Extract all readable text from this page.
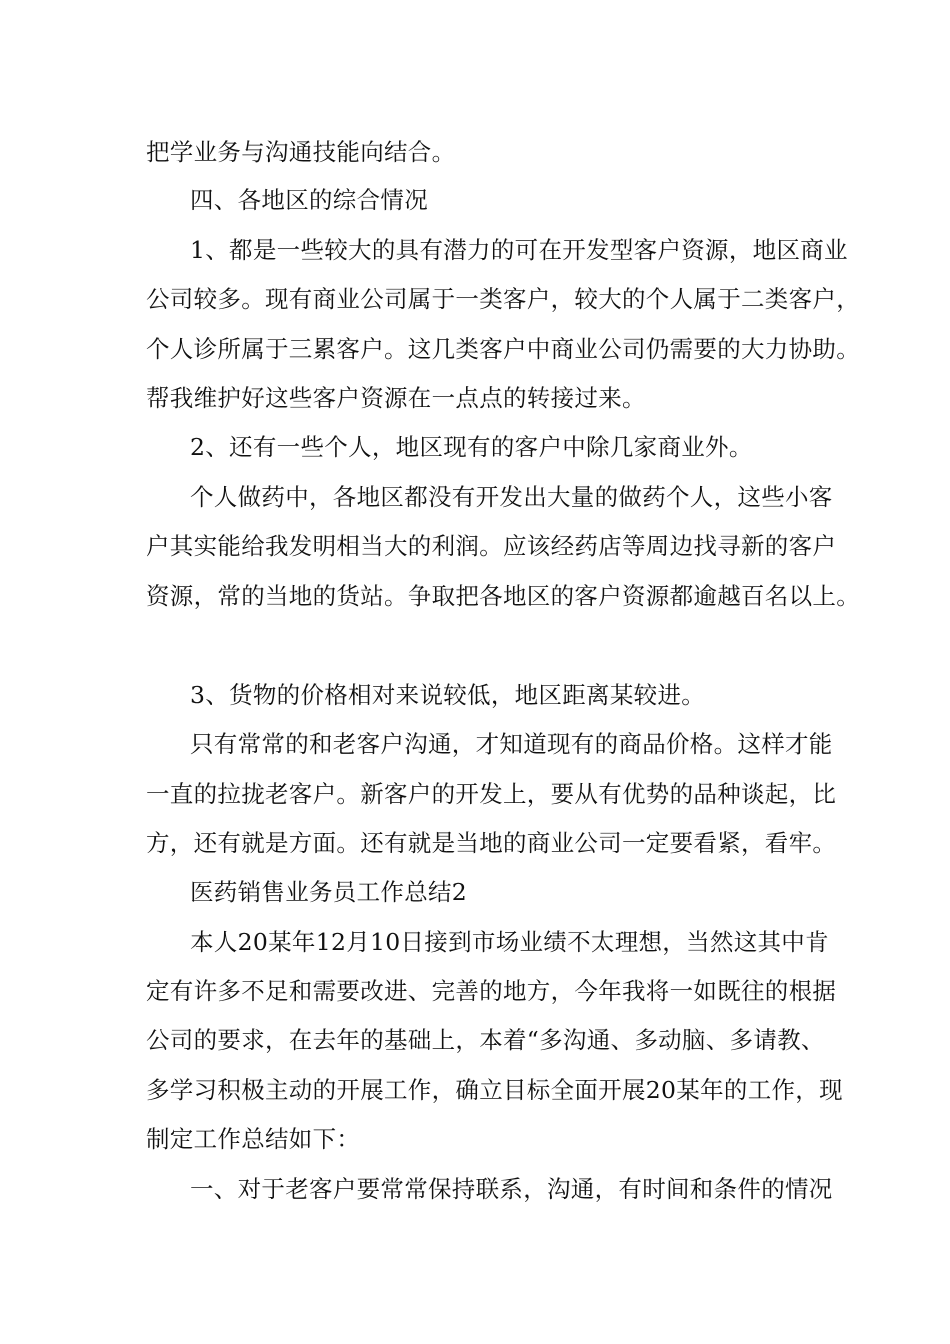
把学业务与沟通技能向结合。
四、各地区的综合情况
1、都是一些较大的具有潜力的可在开发型客户资源，地区商业
公司较多。现有商业公司属于一类客户，较大的个人属于二类客户，
个人诊所属于三累客户。这几类客户中商业公司仍需要的大力协助。
帮我维护好这些客户资源在一点点的转接过来。
2、还有一些个人，地区现有的客户中除几家商业外。
个人做药中，各地区都没有开发出大量的做药个人，这些小客
户其实能给我发明相当大的利润。应该经药店等周边找寻新的客户
资源，常的当地的货站。争取把各地区的客户资源都逾越百名以上。
3、货物的价格相对来说较低，地区距离某较进。
只有常常的和老客户沟通，才知道现有的商品价格。这样才能
一直的拉拢老客户。新客户的开发上，要从有优势的品种谈起，比
方，还有就是方面。还有就是当地的商业公司一定要看紧，看牢。
医药销售业务员工作总结2
本人20某年12月10日接到市场业绩不太理想，当然这其中肯
定有许多不足和需要改进、完善的地方，今年我将一如既往的根据
公司的要求，在去年的基础上，本着“多沟通、多动脑、多请教、
多学习积极主动的开展工作，确立目标全面开展20某年的工作，现
制定工作总结如下：
一、对于老客户要常常保持联系，沟通，有时间和条件的情况
